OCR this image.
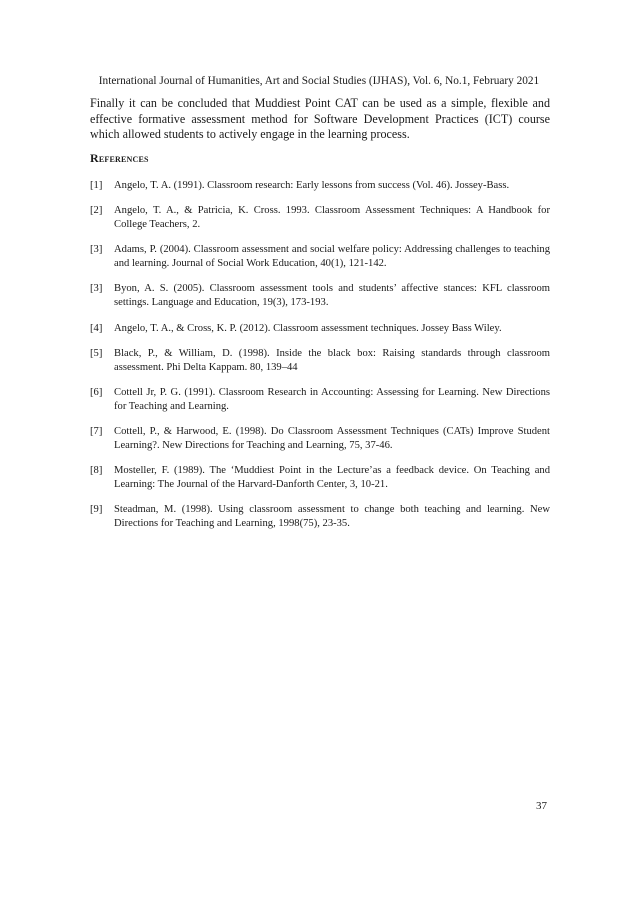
International Journal of Humanities, Art and Social Studies (IJHAS), Vol. 6, No.1, February 2021

Finally it can be concluded that Muddiest Point CAT can be used as a simple, flexible and effective formative assessment method for Software Development Practices (ICT) course which allowed students to actively engage in the learning process.

References
[1]	Angelo, T. A. (1991). Classroom research: Early lessons from success (Vol. 46). Jossey-Bass.
[2]	Angelo, T. A., & Patricia, K. Cross. 1993. Classroom Assessment Techniques: A Handbook for College Teachers, 2.
[3]	Adams, P. (2004). Classroom assessment and social welfare policy: Addressing challenges to teaching and learning. Journal of Social Work Education, 40(1), 121-142.
[3]	Byon, A. S. (2005). Classroom assessment tools and students’ affective stances: KFL classroom settings. Language and Education, 19(3), 173-193.
[4]	Angelo, T. A., & Cross, K. P. (2012). Classroom assessment techniques. Jossey Bass Wiley.
[5]	Black, P., & William, D. (1998). Inside the black box: Raising standards through classroom assessment. Phi Delta Kappam. 80, 139–44
[6]	Cottell Jr, P. G. (1991). Classroom Research in Accounting: Assessing for Learning. New Directions for Teaching and Learning.
[7]	Cottell, P., & Harwood, E. (1998). Do Classroom Assessment Techniques (CATs) Improve Student Learning?. New Directions for Teaching and Learning, 75, 37-46.
[8]	Mosteller, F. (1989). The ‘Muddiest Point in the Lecture’as a feedback device. On Teaching and Learning: The Journal of the Harvard-Danforth Center, 3, 10-21.
[9]	Steadman, M. (1998). Using classroom assessment to change both teaching and learning. New Directions for Teaching and Learning, 1998(75), 23-35.
37
